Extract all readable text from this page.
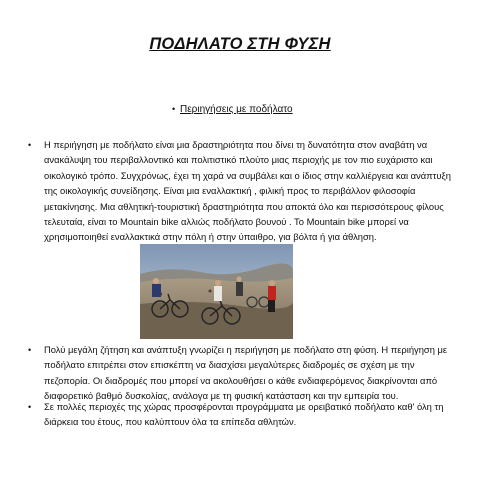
ΠΟΔΗΛΑΤΟ ΣΤΗ ΦΥΣΗ
• Περιηγήσεις με ποδήλατο
• Η περιήγηση με ποδήλατο είναι μια δραστηριότητα που δίνει τη δυνατότητα στον αναβάτη να ανακάλυψη του περιβαλλοντικό και πολιτιστικό πλούτο μιας περιοχής με τον πιο ευχάριστο και οικολογικό τρόπο. Συγχρόνως, έχει τη χαρά να συμβάλει και ο ίδιος στην καλλιέργεια και ανάπτυξη της οικολογικής συνείδησης. Είναι μια εναλλακτική , φιλική προς το περιβάλλον φιλοσοφία μετακίνησης. Μια αθλητική-τουριστική δραστηριότητα που αποκτά όλο και περισσότερους φίλους τελευταία, είναι το Mountain bike αλλιώς ποδήλατο βουνού . Το Mountain bike μπορεί να χρησιμοποιηθεί εναλλακτικά στην πόλη ή στην ύπαιθρο, για βόλτα ή για άθληση.
• Πολύ μεγάλη ζήτηση και ανάπτυξη γνωρίζει η περιήγηση με ποδήλατο στη φύση. Η περιήγηση με ποδήλατο επιτρέπει στον επισκέπτη να διασχίσει μεγαλύτερες διαδρομές σε σχέση με την πεζοπορία. Οι διαδρομές που μπορεί να ακολουθήσει ο κάθε ενδιαφερόμενος διακρίνονται από διαφορετικό βαθμό δυσκολίας, ανάλογα με τη φυσική κατάσταση και την εμπειρία του.
• Σε πολλές περιοχές της χώρας προσφέρονται προγράμματα με ορειβατικό ποδήλατο καθ' όλη τη διάρκεια του έτους, που καλύπτουν όλα τα επίπεδα αθλητών.
